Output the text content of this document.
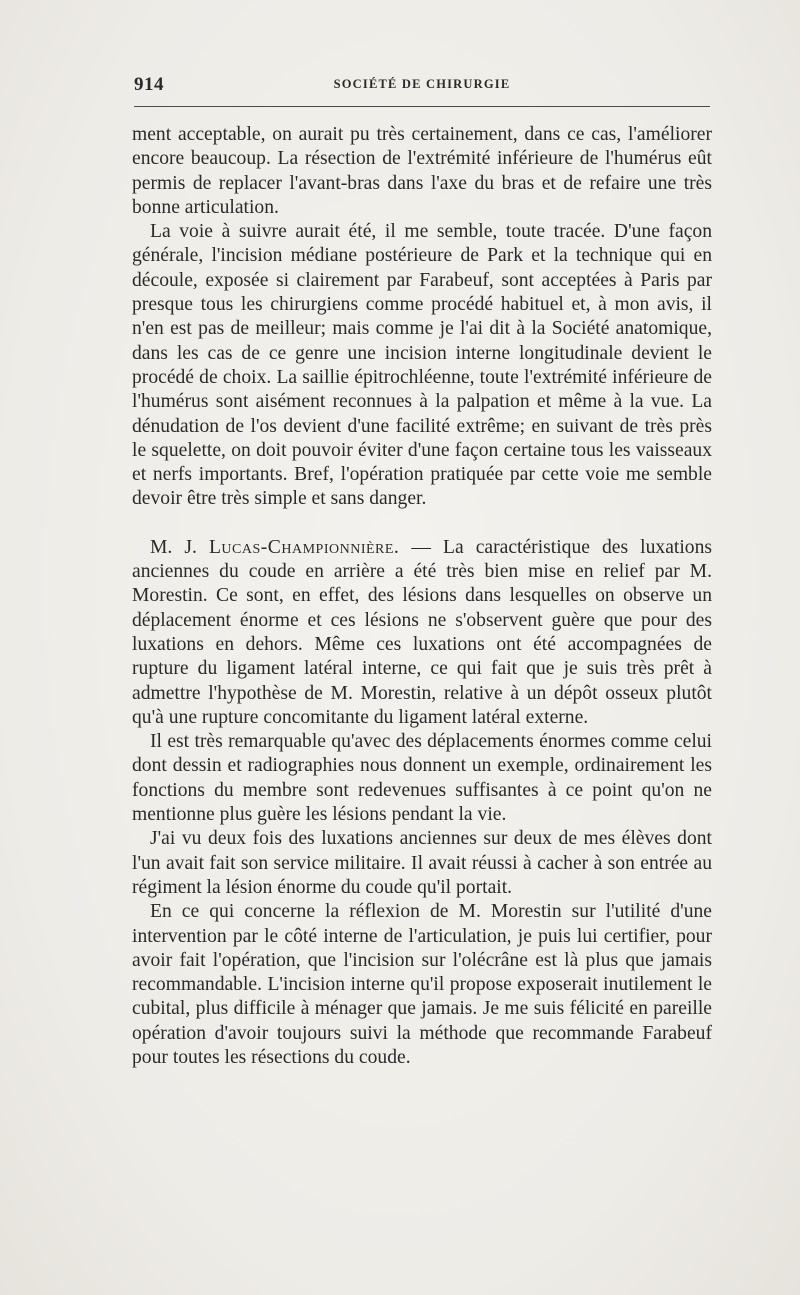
914	SOCIÉTÉ DE CHIRURGIE

ment acceptable, on aurait pu très certainement, dans ce cas, l'améliorer encore beaucoup. La résection de l'extrémité inférieure de l'humérus eût permis de replacer l'avant-bras dans l'axe du bras et de refaire une très bonne articulation.

La voie à suivre aurait été, il me semble, toute tracée. D'une façon générale, l'incision médiane postérieure de Park et la technique qui en découle, exposée si clairement par Farabeuf, sont acceptées à Paris par presque tous les chirurgiens comme procédé habituel et, à mon avis, il n'en est pas de meilleur; mais comme je l'ai dit à la Société anatomique, dans les cas de ce genre une incision interne longitudinale devient le procédé de choix. La saillie épitrochléenne, toute l'extrémité inférieure de l'humérus sont aisément reconnues à la palpation et même à la vue. La dénudation de l'os devient d'une facilité extrême; en suivant de très près le squelette, on doit pouvoir éviter d'une façon certaine tous les vaisseaux et nerfs importants. Bref, l'opération pratiquée par cette voie me semble devoir être très simple et sans danger.

M. J. Lucas-Championnière. — La caractéristique des luxations anciennes du coude en arrière a été très bien mise en relief par M. Morestin. Ce sont, en effet, des lésions dans lesquelles on observe un déplacement énorme et ces lésions ne s'observent guère que pour des luxations en dehors. Même ces luxations ont été accompagnées de rupture du ligament latéral interne, ce qui fait que je suis très prêt à admettre l'hypothèse de M. Morestin, relative à un dépôt osseux plutôt qu'à une rupture concomitante du ligament latéral externe.

Il est très remarquable qu'avec des déplacements énormes comme celui dont dessin et radiographies nous donnent un exemple, ordinairement les fonctions du membre sont redevenues suffisantes à ce point qu'on ne mentionne plus guère les lésions pendant la vie.

J'ai vu deux fois des luxations anciennes sur deux de mes élèves dont l'un avait fait son service militaire. Il avait réussi à cacher à son entrée au régiment la lésion énorme du coude qu'il portait.

En ce qui concerne la réflexion de M. Morestin sur l'utilité d'une intervention par le côté interne de l'articulation, je puis lui certifier, pour avoir fait l'opération, que l'incision sur l'olécrâne est là plus que jamais recommandable. L'incision interne qu'il propose exposerait inutilement le cubital, plus difficile à ménager que jamais. Je me suis félicité en pareille opération d'avoir toujours suivi la méthode que recommande Farabeuf pour toutes les résections du coude.
